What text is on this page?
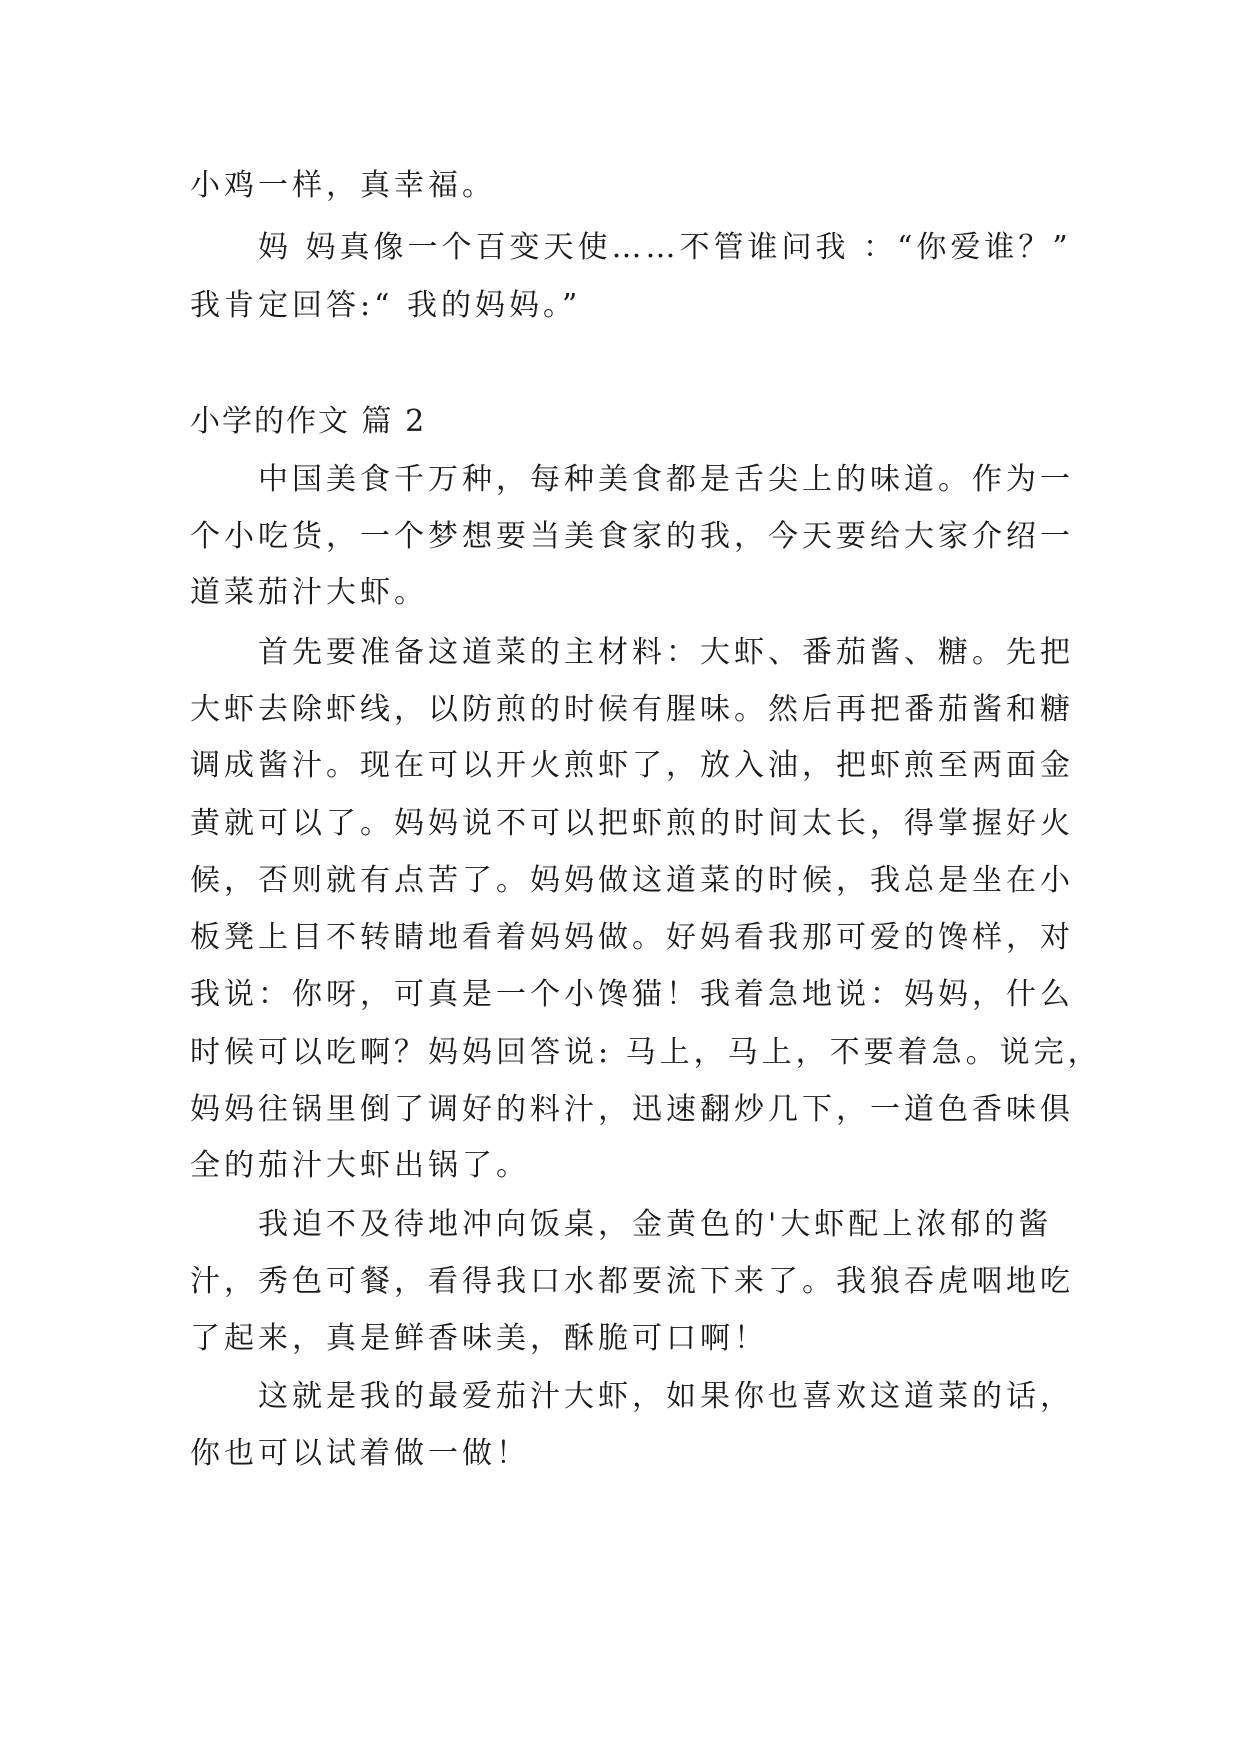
小鸡一样，真幸福。
妈 妈真像一个百变天使……不管谁问我 ：“你爱谁？”
我肯定回答:“ 我的妈妈。”
小学的作文 篇 2
中国美食千万种，每种美食都是舌尖上的味道。作为一
个小吃货，一个梦想要当美食家的我，今天要给大家介绍一
道菜茄汁大虾。
首先要准备这道菜的主材料：大虾、番茄酱、糖。先把
大虾去除虾线，以防煎的时候有腥味。然后再把番茄酱和糖
调成酱汁。现在可以开火煎虾了，放入油，把虾煎至两面金
黄就可以了。妈妈说不可以把虾煎的时间太长，得掌握好火
候，否则就有点苦了。妈妈做这道菜的时候，我总是坐在小
板凳上目不转睛地看着妈妈做。好妈看我那可爱的馋样，对
我说：你呀，可真是一个小馋猫！我着急地说：妈妈，什么
时候可以吃啊？妈妈回答说: 马上，马上，不要着急。说完，
妈妈往锅里倒了调好的料汁，迅速翻炒几下，一道色香味俱
全的茄汁大虾出锅了。
我迫不及待地冲向饭桌，金黄色的'大虾配上浓郁的酱
汁，秀色可餐，看得我口水都要流下来了。我狼吞虎咽地吃
了起来，真是鲜香味美，酥脆可口啊！
这就是我的最爱茄汁大虾，如果你也喜欢这道菜的话，
你也可以试着做一做！
